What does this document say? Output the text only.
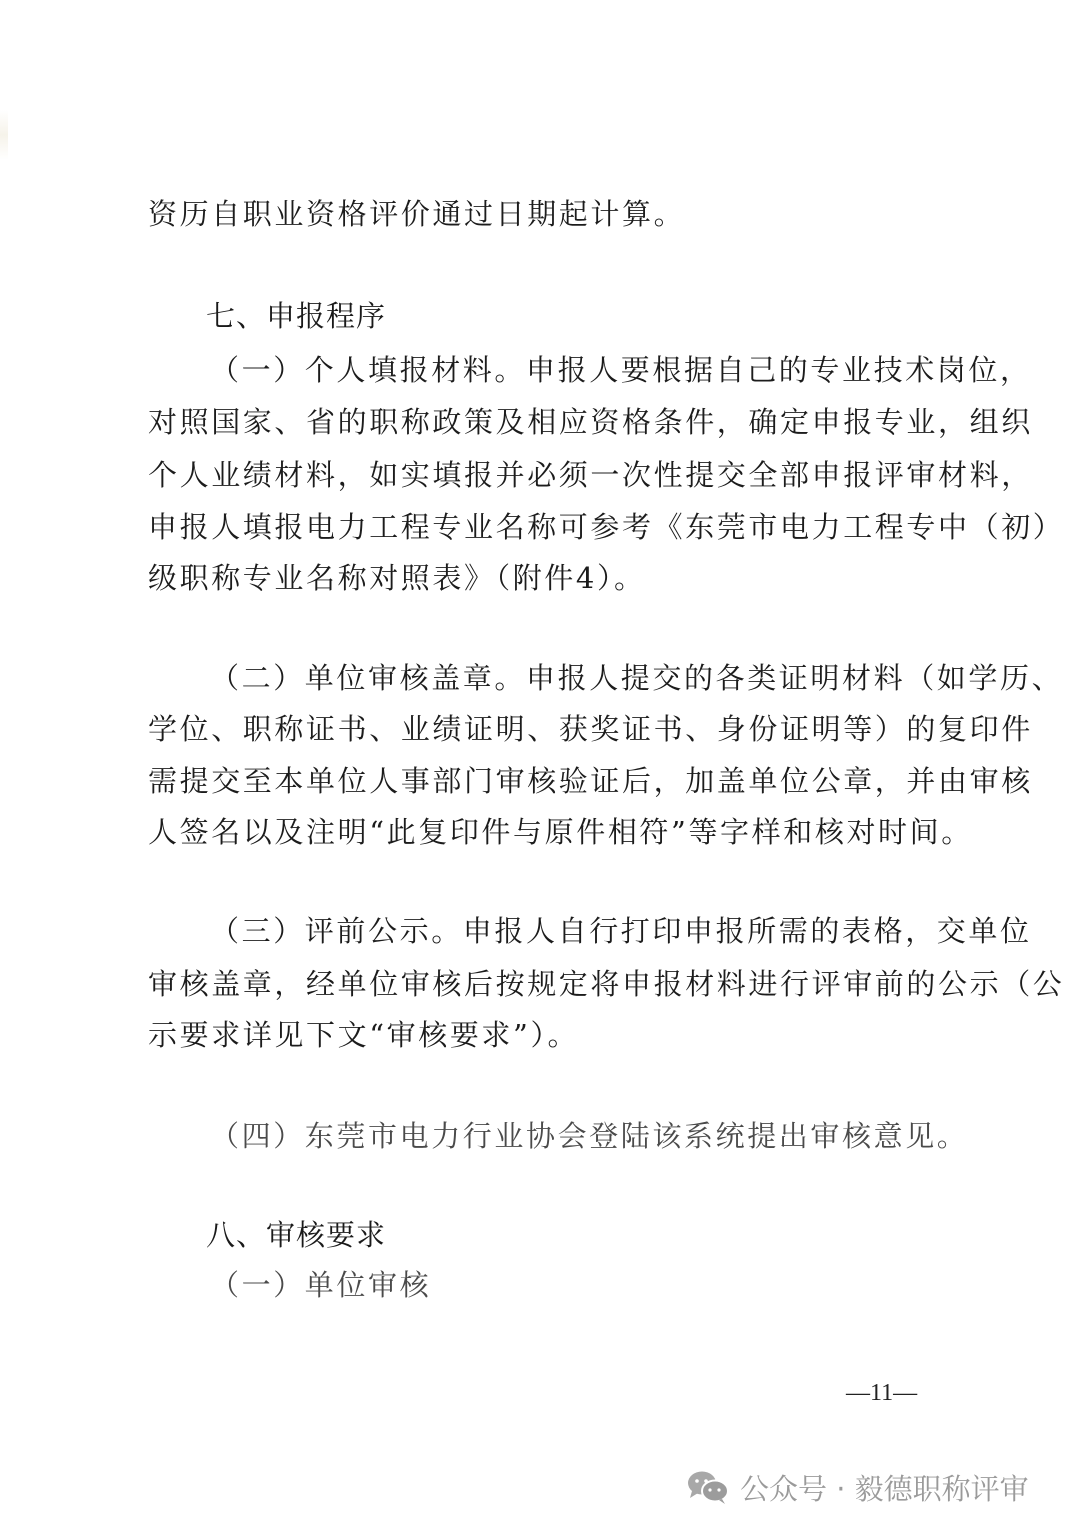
资历自职业资格评价通过日期起计算。
七、申报程序
（一）个人填报材料。申报人要根据自己的专业技术岗位，
对照国家、省的职称政策及相应资格条件，确定申报专业，组织
个人业绩材料，如实填报并必须一次性提交全部申报评审材料，
申报人填报电力工程专业名称可参考《东莞市电力工程专中（初）
级职称专业名称对照表》（附件4）。
（二）单位审核盖章。申报人提交的各类证明材料（如学历、
学位、职称证书、业绩证明、获奖证书、身份证明等）的复印件
需提交至本单位人事部门审核验证后，加盖单位公章，并由审核
人签名以及注明“此复印件与原件相符”等字样和核对时间。
（三）评前公示。申报人自行打印申报所需的表格，交单位
审核盖章，经单位审核后按规定将申报材料进行评审前的公示（公
示要求详见下文“审核要求”）。
（四）东莞市电力行业协会登陆该系统提出审核意见。
八、审核要求
（一）单位审核
—11—
公众号 · 毅德职称评审
